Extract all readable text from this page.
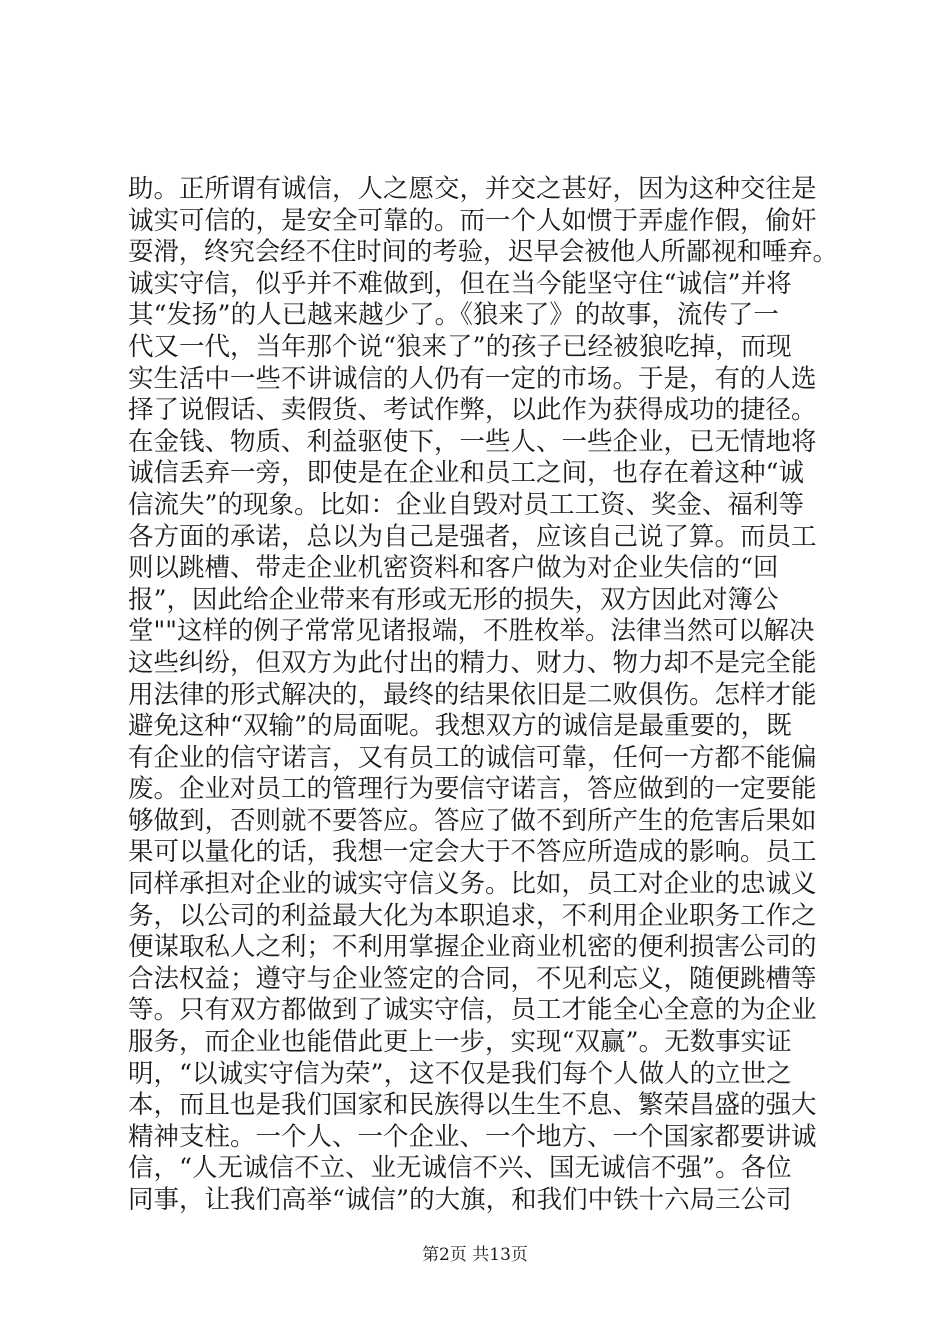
助。正所谓有诚信，人之愿交，并交之甚好，因为这种交往是
诚实可信的，是安全可靠的。而一个人如惯于弄虚作假，偷奸
耍滑，终究会经不住时间的考验，迟早会被他人所鄙视和唾弃。
诚实守信，似乎并不难做到，但在当今能坚守住“诚信”并将
其“发扬”的人已越来越少了。《狼来了》的故事，流传了一
代又一代，当年那个说“狼来了”的孩子已经被狼吃掉，而现
实生活中一些不讲诚信的人仍有一定的市场。于是，有的人选
择了说假话、卖假货、考试作弊，以此作为获得成功的捷径。
在金钱、物质、利益驱使下，一些人、一些企业，已无情地将
诚信丢弃一旁，即使是在企业和员工之间，也存在着这种“诚
信流失”的现象。比如：企业自毁对员工工资、奖金、福利等
各方面的承诺，总以为自己是强者，应该自己说了算。而员工
则以跳槽、带走企业机密资料和客户做为对企业失信的“回
报”，因此给企业带来有形或无形的损失，双方因此对簿公
堂""这样的例子常常见诸报端，不胜枚举。法律当然可以解决
这些纠纷，但双方为此付出的精力、财力、物力却不是完全能
用法律的形式解决的，最终的结果依旧是二败俱伤。怎样才能
避免这种“双输”的局面呢。我想双方的诚信是最重要的，既
有企业的信守诺言，又有员工的诚信可靠，任何一方都不能偏
废。企业对员工的管理行为要信守诺言，答应做到的一定要能
够做到，否则就不要答应。答应了做不到所产生的危害后果如
果可以量化的话，我想一定会大于不答应所造成的影响。员工
同样承担对企业的诚实守信义务。比如，员工对企业的忠诚义
务，以公司的利益最大化为本职追求，不利用企业职务工作之
便谋取私人之利；不利用掌握企业商业机密的便利损害公司的
合法权益；遵守与企业签定的合同，不见利忘义，随便跳槽等
等。只有双方都做到了诚实守信，员工才能全心全意的为企业
服务，而企业也能借此更上一步，实现“双赢”。无数事实证
明，“以诚实守信为荣”，这不仅是我们每个人做人的立世之
本，而且也是我们国家和民族得以生生不息、繁荣昌盛的强大
精神支柱。一个人、一个企业、一个地方、一个国家都要讲诚
信，“人无诚信不立、业无诚信不兴、国无诚信不强”。各位
同事，让我们高举“诚信”的大旗，和我们中铁十六局三公司
第2页 共13页
